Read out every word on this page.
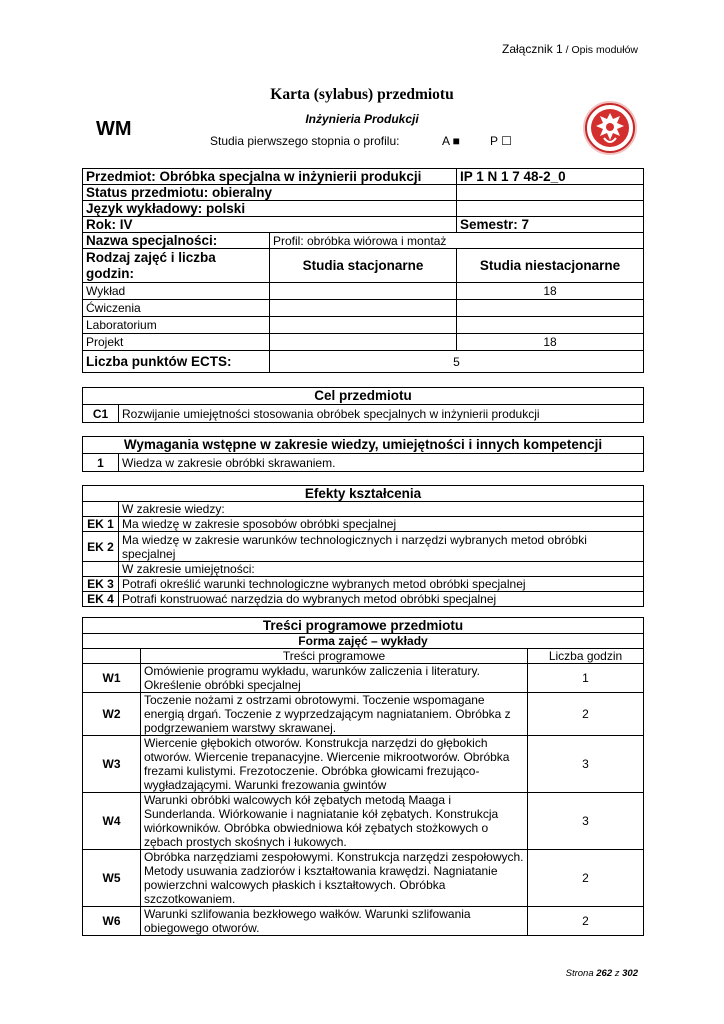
Załącznik 1 / Opis modułów
Karta (sylabus) przedmiotu
Inżynieria Produkcji
WM
Studia pierwszego stopnia o profilu:	A ■	P ☐
Przedmiot: Obróbka specjalna w inżynierii produkcji		IP 1 N 1 7 48-2_0
Status przedmiotu: obieralny		
Język wykładowy: polski		
Rok: IV		Semestr: 7
Nazwa specjalności:	Profil: obróbka wiórowa i montaż	
Rodzaj zajęć i liczba godzin:	Studia stacjonarne	Studia niestacjonarne
Wykład		18
Ćwiczenia		
Laboratorium		
Projekt		18
Liczba punktów ECTS:	5	
Cel przedmiotu
C1	Rozwijanie umiejętności stosowania obróbek specjalnych w inżynierii produkcji
Wymagania wstępne w zakresie wiedzy, umiejętności i innych kompetencji
1	Wiedza w zakresie obróbki skrawaniem.
Efekty kształcenia	
	W zakresie wiedzy:
EK 1	Ma wiedzę w zakresie sposobów obróbki specjalnej
EK 2	Ma wiedzę w zakresie warunków technologicznych i narzędzi wybranych metod obróbki specjalnej
	W zakresie umiejętności:
EK 3	Potrafi określić warunki technologiczne wybranych metod obróbki specjalnej
EK 4	Potrafi konstruować narzędzia do wybranych metod obróbki specjalnej
Treści programowe przedmiotu		
Forma zajęć – wykłady		
	Treści programowe	Liczba godzin
W1	Omówienie programu wykładu, warunków zaliczenia i literatury. Określenie obróbki specjalnej	1
W2	Toczenie nożami z ostrzami obrotowymi. Toczenie wspomagane energią drgań. Toczenie z wyprzedzającym nagniataniem. Obróbka z podgrzewaniem warstwy skrawanej.	2
W3	Wiercenie głębokich otworów. Konstrukcja narzędzi do głębokich otworów. Wiercenie trepanacyjne. Wiercenie mikrootworów. Obróbka frezami kulistymi. Frezotoczenie. Obróbka głowicami frezująco-wygładzającymi. Warunki frezowania gwintów	3
W4	Warunki obróbki walcowych kół zębatych metodą Maaga i Sunderlanda. Wiórkowanie i nagniatanie kół zębatych. Konstrukcja wiórkowników. Obróbka obwiedniowa kół zębatych stożkowych o zębach prostych skośnych i łukowych.	3
W5	Obróbka narzędziami zespołowymi. Konstrukcja narzędzi zespołowych. Metody usuwania zadziorów i kształtowania krawędzi. Nagniatanie powierzchni walcowych płaskich i kształtowych. Obróbka szczotkowaniem.	2
W6	Warunki szlifowania bezkłowego wałków. Warunki szlifowania obiegowego otworów.	2
Strona 262 z 302
